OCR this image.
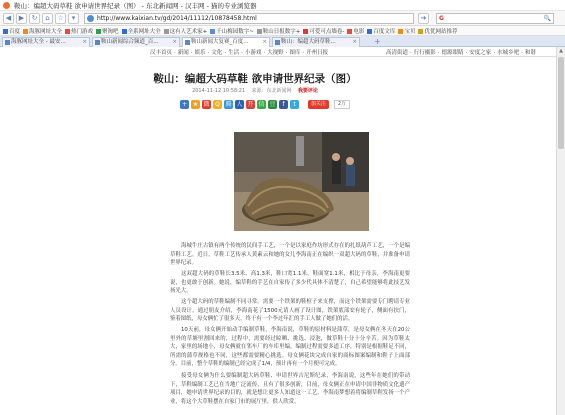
鞍山：编超大码草鞋 欲申请世界纪录（图） - 东北新闻网 - 汉丰网 - 猫的专业浏览器
◀	▶	↻	⌂	☆	▾	http://www.kaixian.tv/gd/2014/11112/10878458.html	➜	G	🔍
百度 海豚网址大全 热门游戏 聚淘吧 全系网址大全 这有人艺术家+ 千山梅园数字~ 鞍山日报数字+ 可爱可点墙卷- 电影 百度文库 宝贝 优优网站推荐
海豚网址大全 - 最安...	×	鞍山新闻综合频道_百...	×	鞍山新闻大复赛_百度...	×	鞍山：编超大码草鞋...	× +
汉丰首页 · 新闻 · 娱乐 · 文化 · 生活 · 小游戏 · 大视野 · 图库 · 开州日报	高清街道 · 行行摄影 · 德源眼睛 · 安度之家 · 水城乡吧 · 和谐
鞍山：编超大码草鞋 欲申请世界纪录（图）
2014-11-12 10:58:21 来源：东北新闻网 我要评论
+ ★ 微 Q 腾 人 开 信 豆 f t	加关注 2万

海城牛庄古镇有两个传统的民间手工艺，一个是以家庭作坊形式存在的扎纸葫芦工艺，一个是编草鞋工艺。近日，草鞋工艺传承人黄素云和她的女儿李海南正在编织一双超大码的草鞋，并准备申请世界纪录。

这双超大码的草鞋长3.5米、高1.3米，鞋口宽1.1米，鞋面宽1.1米，相比于母亲，李海南更要说，也更敢于创新。她说，编草鞋的手艺在自家传了多少代具体不清楚了，自己希望能够将此技艺发扬光大。

这个超大码的草鞋编制不同寻常。需要一个铁架的鞋楦子来支撑，而这个铁架需要专门聘请专业人员设计。通过朋友介绍，李海南花了1500元请人画了设计图，铁架底部安有轮子，侧面有扶门，鉴着图纸，母女俩忙了很多天，终于有一个李过年汇的手工人做了她们的活。

10天前，母女俩开始动手编制草鞋，李海南说，草鞋的原材料是蒲草，是母女俩在冬天在20公里外的草塘里割回来的，过程中，需要经过晾晒、挑选、浸泡，做草鞋十分十分辛苦。因为草鞋太大，家里的场地小，母女俩就在邻车厂的车库里编。编制过程需要多道工序，特别是根据鞋足不同，所需的蒲草规格也不同，这些都需要精心挑选。母女俩花块完成自家的商标图案编制和鞋子上面部分。目前，整个草鞋的编制已经完成了1/4，预计再有一个月便可完成。

接受母女俩为什么要编制超大码草鞋、申请世界吉尼斯纪录，李海南说，这些年在她们的带动下，草鞋编制工艺已在当地广泛流传，且有了很多创新，目前，母女俩正在申请中国非物质文化遗产项目，她申请世界纪录的目的，就是想让更多人知道这一工艺。李海南梦想着将编制草鞋发扬一个产业，将这个大草鞋摆在自家门市的展厅里，供人欣赏。

▲
